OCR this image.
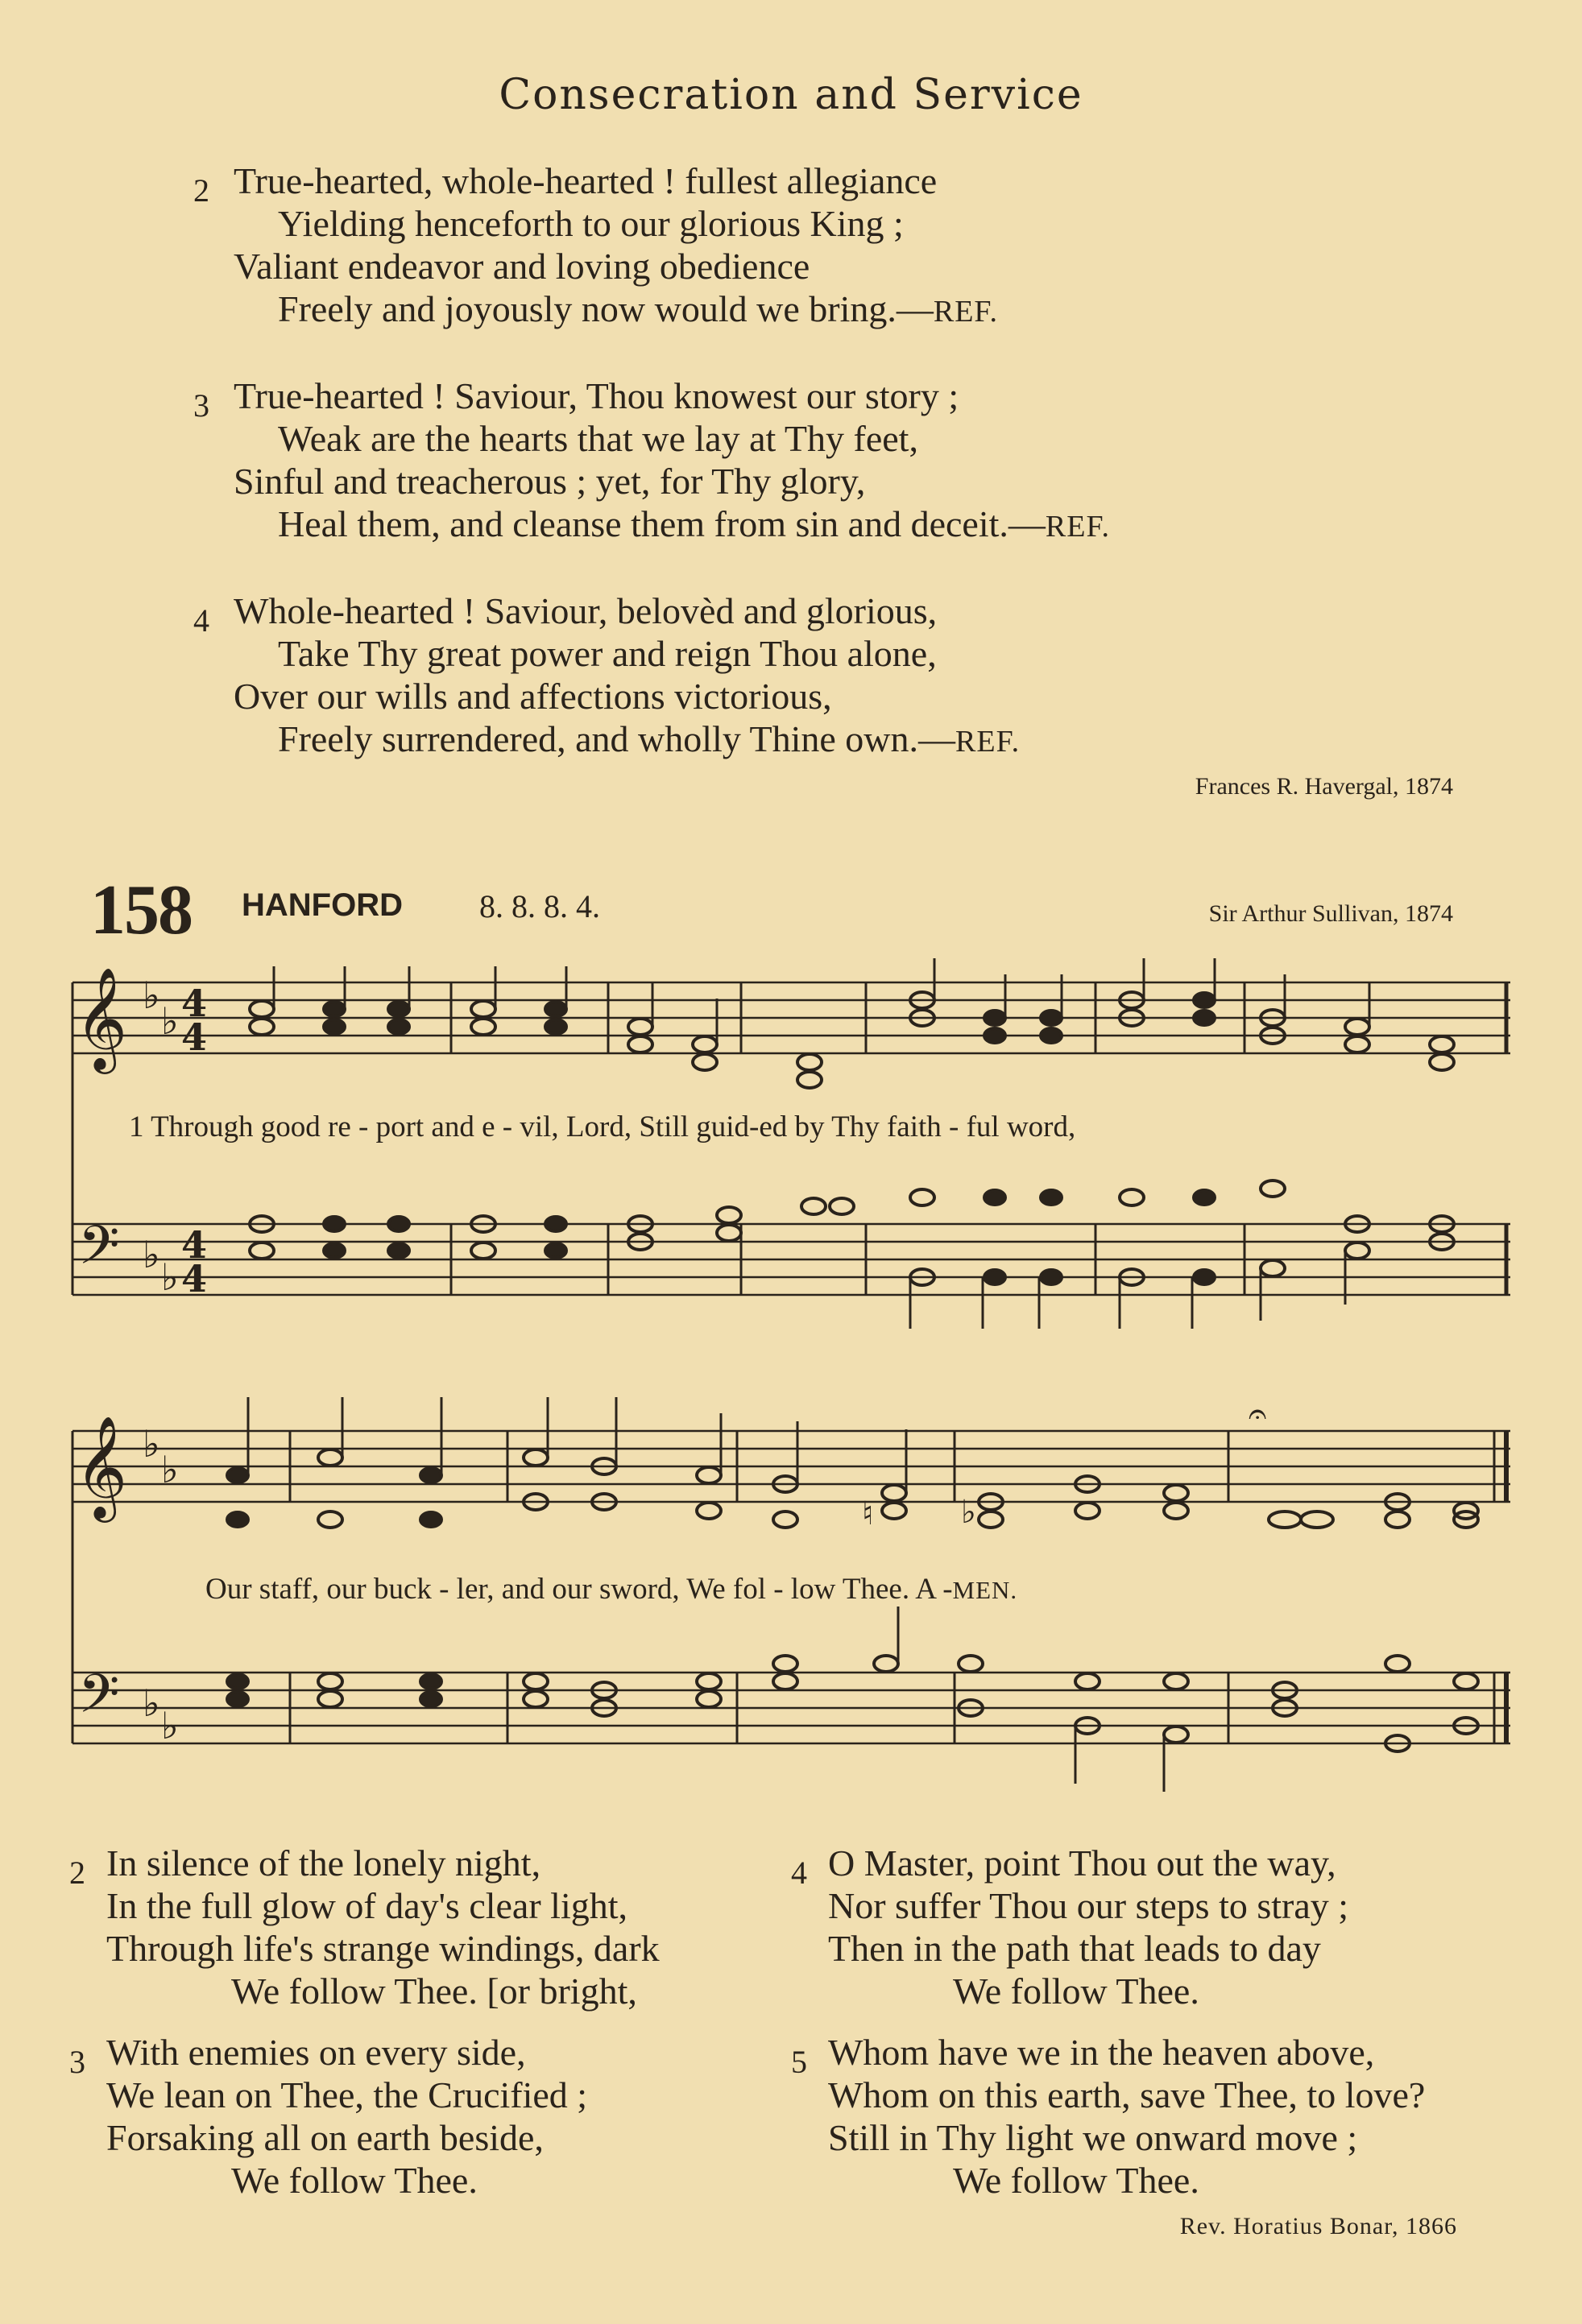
Consecration and Service
2 True-hearted, whole-hearted ! fullest allegiance
Yielding henceforth to our glorious King ;
Valiant endeavor and loving obedience
Freely and joyously now would we bring.—REF.
3 True-hearted ! Saviour, Thou knowest our story ;
Weak are the hearts that we lay at Thy feet,
Sinful and treacherous ; yet, for Thy glory,
Heal them, and cleanse them from sin and deceit.—REF.
4 Whole-hearted ! Saviour, belovèd and glorious,
Take Thy great power and reign Thou alone,
Over our wills and affections victorious,
Freely surrendered, and wholly Thine own.—REF.
Frances R. Havergal, 1874
158 HANFORD 8. 8. 8. 4.	Sir Arthur Sullivan, 1874
𝄞
𝄢
♭
♭
♭
♭
4
4
4
4
1 Through good re - port and e - vil, Lord, Still guid-ed by Thy faith - ful word,
𝄞
𝄢
♭
♭
♭
♭
𝄐
♮	♭
Our staff, our buck - ler, and our sword, We fol - low Thee. A -MEN.
2 In silence of the lonely night,
In the full glow of day's clear light,
Through life's strange windings, dark
We follow Thee. [or bright,
3 With enemies on every side,
We lean on Thee, the Crucified ;
Forsaking all on earth beside,
We follow Thee.
4 O Master, point Thou out the way,
Nor suffer Thou our steps to stray ;
Then in the path that leads to day
We follow Thee.
5 Whom have we in the heaven above,
Whom on this earth, save Thee, to love?
Still in Thy light we onward move ;
We follow Thee.
Rev. Horatius Bonar, 1866
